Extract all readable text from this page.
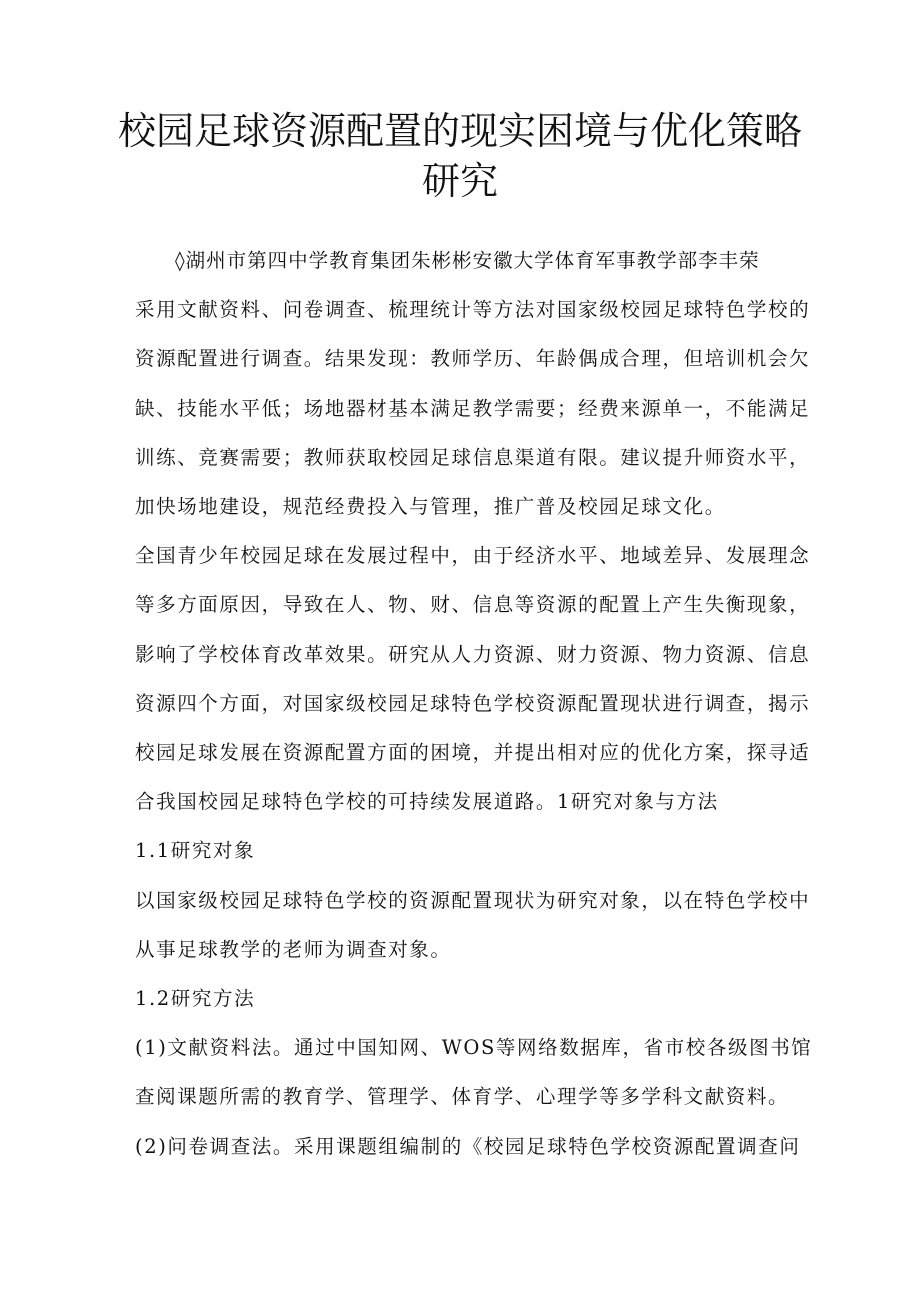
校园足球资源配置的现实困境与优化策略
研究
◊湖州市第四中学教育集团朱彬彬安徽大学体育军事教学部李丰荣
采用文献资料、问卷调查、梳理统计等方法对国家级校园足球特色学校的
资源配置进行调查。结果发现：教师学历、年龄偶成合理，但培训机会欠
缺、技能水平低；场地器材基本满足教学需要；经费来源单一，不能满足
训练、竞赛需要；教师获取校园足球信息渠道有限。建议提升师资水平，
加快场地建设，规范经费投入与管理，推广普及校园足球文化。
全国青少年校园足球在发展过程中，由于经济水平、地域差异、发展理念
等多方面原因，导致在人、物、财、信息等资源的配置上产生失衡现象，
影响了学校体育改革效果。研究从人力资源、财力资源、物力资源、信息
资源四个方面，对国家级校园足球特色学校资源配置现状进行调查，揭示
校园足球发展在资源配置方面的困境，并提出相对应的优化方案，探寻适
合我国校园足球特色学校的可持续发展道路。1研究对象与方法
1.1研究对象
以国家级校园足球特色学校的资源配置现状为研究对象，以在特色学校中
从事足球教学的老师为调查对象。
1.2研究方法
(1)文献资料法。通过中国知网、WOS等网络数据库，省市校各级图书馆
查阅课题所需的教育学、管理学、体育学、心理学等多学科文献资料。
(2)问卷调查法。采用课题组编制的《校园足球特色学校资源配置调查问
